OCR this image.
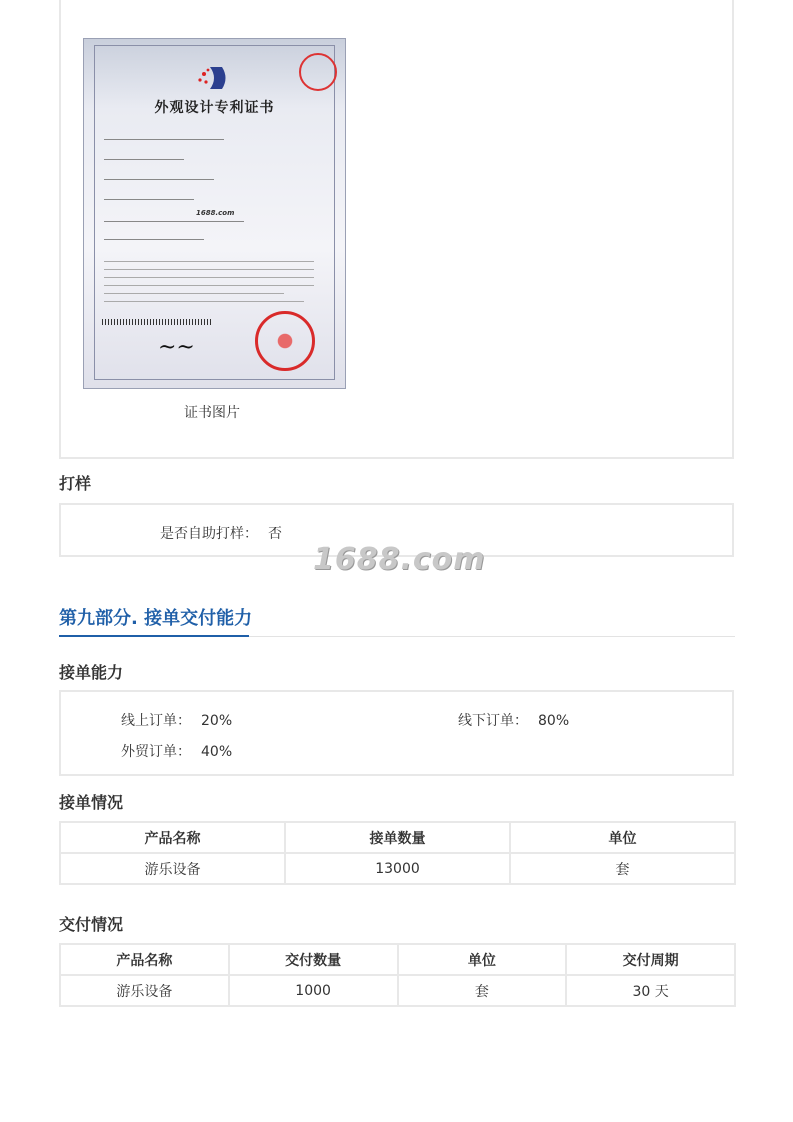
外观设计专利证书
1688.com
~~
证书图片
打样
是否自助打样： 否
1688.com
第九部分. 接单交付能力
接单能力
线上订单： 20%	线下订单： 80%
外贸订单： 40%
接单情况
产品名称	接单数量	单位
游乐设备	13000	套
交付情况
产品名称	交付数量	单位	交付周期
游乐设备	1000	套	30 天
